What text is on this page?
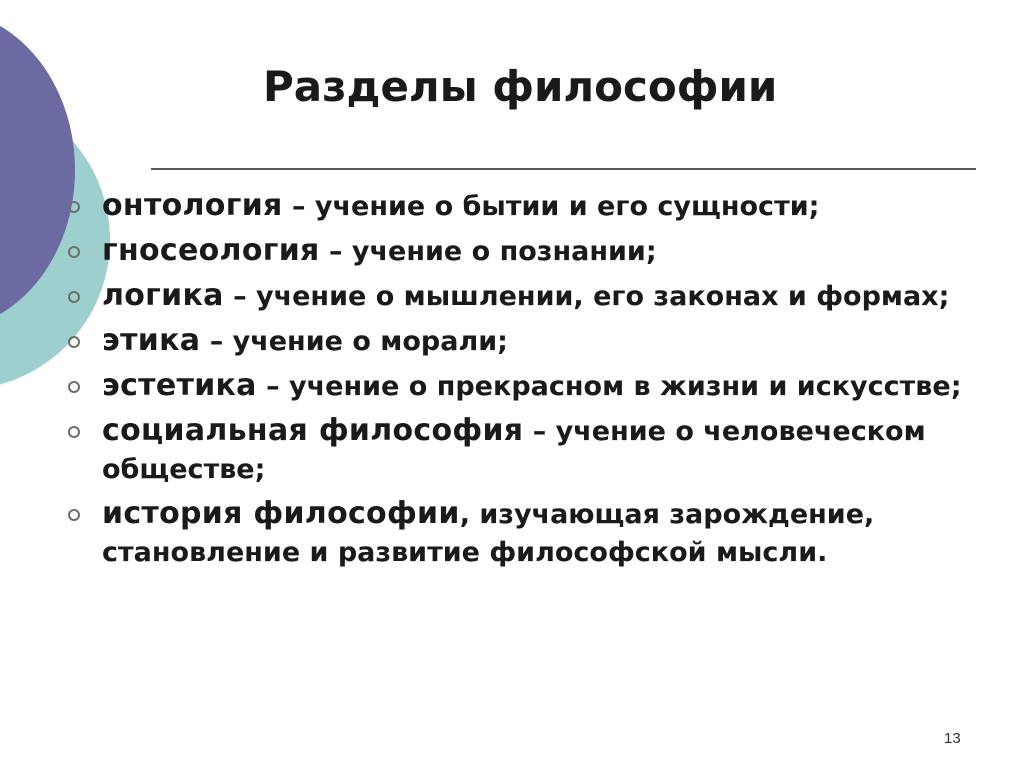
Разделы философии
онтология – учение о бытии и его сущности;
гносеология – учение о познании;
логика – учение о мышлении, его законах и формах;
этика – учение о морали;
эстетика – учение о прекрасном в жизни и искусстве;
социальная философия – учение о человеческом обществе;
история философии, изучающая зарождение, становление и развитие философской мысли.
13
